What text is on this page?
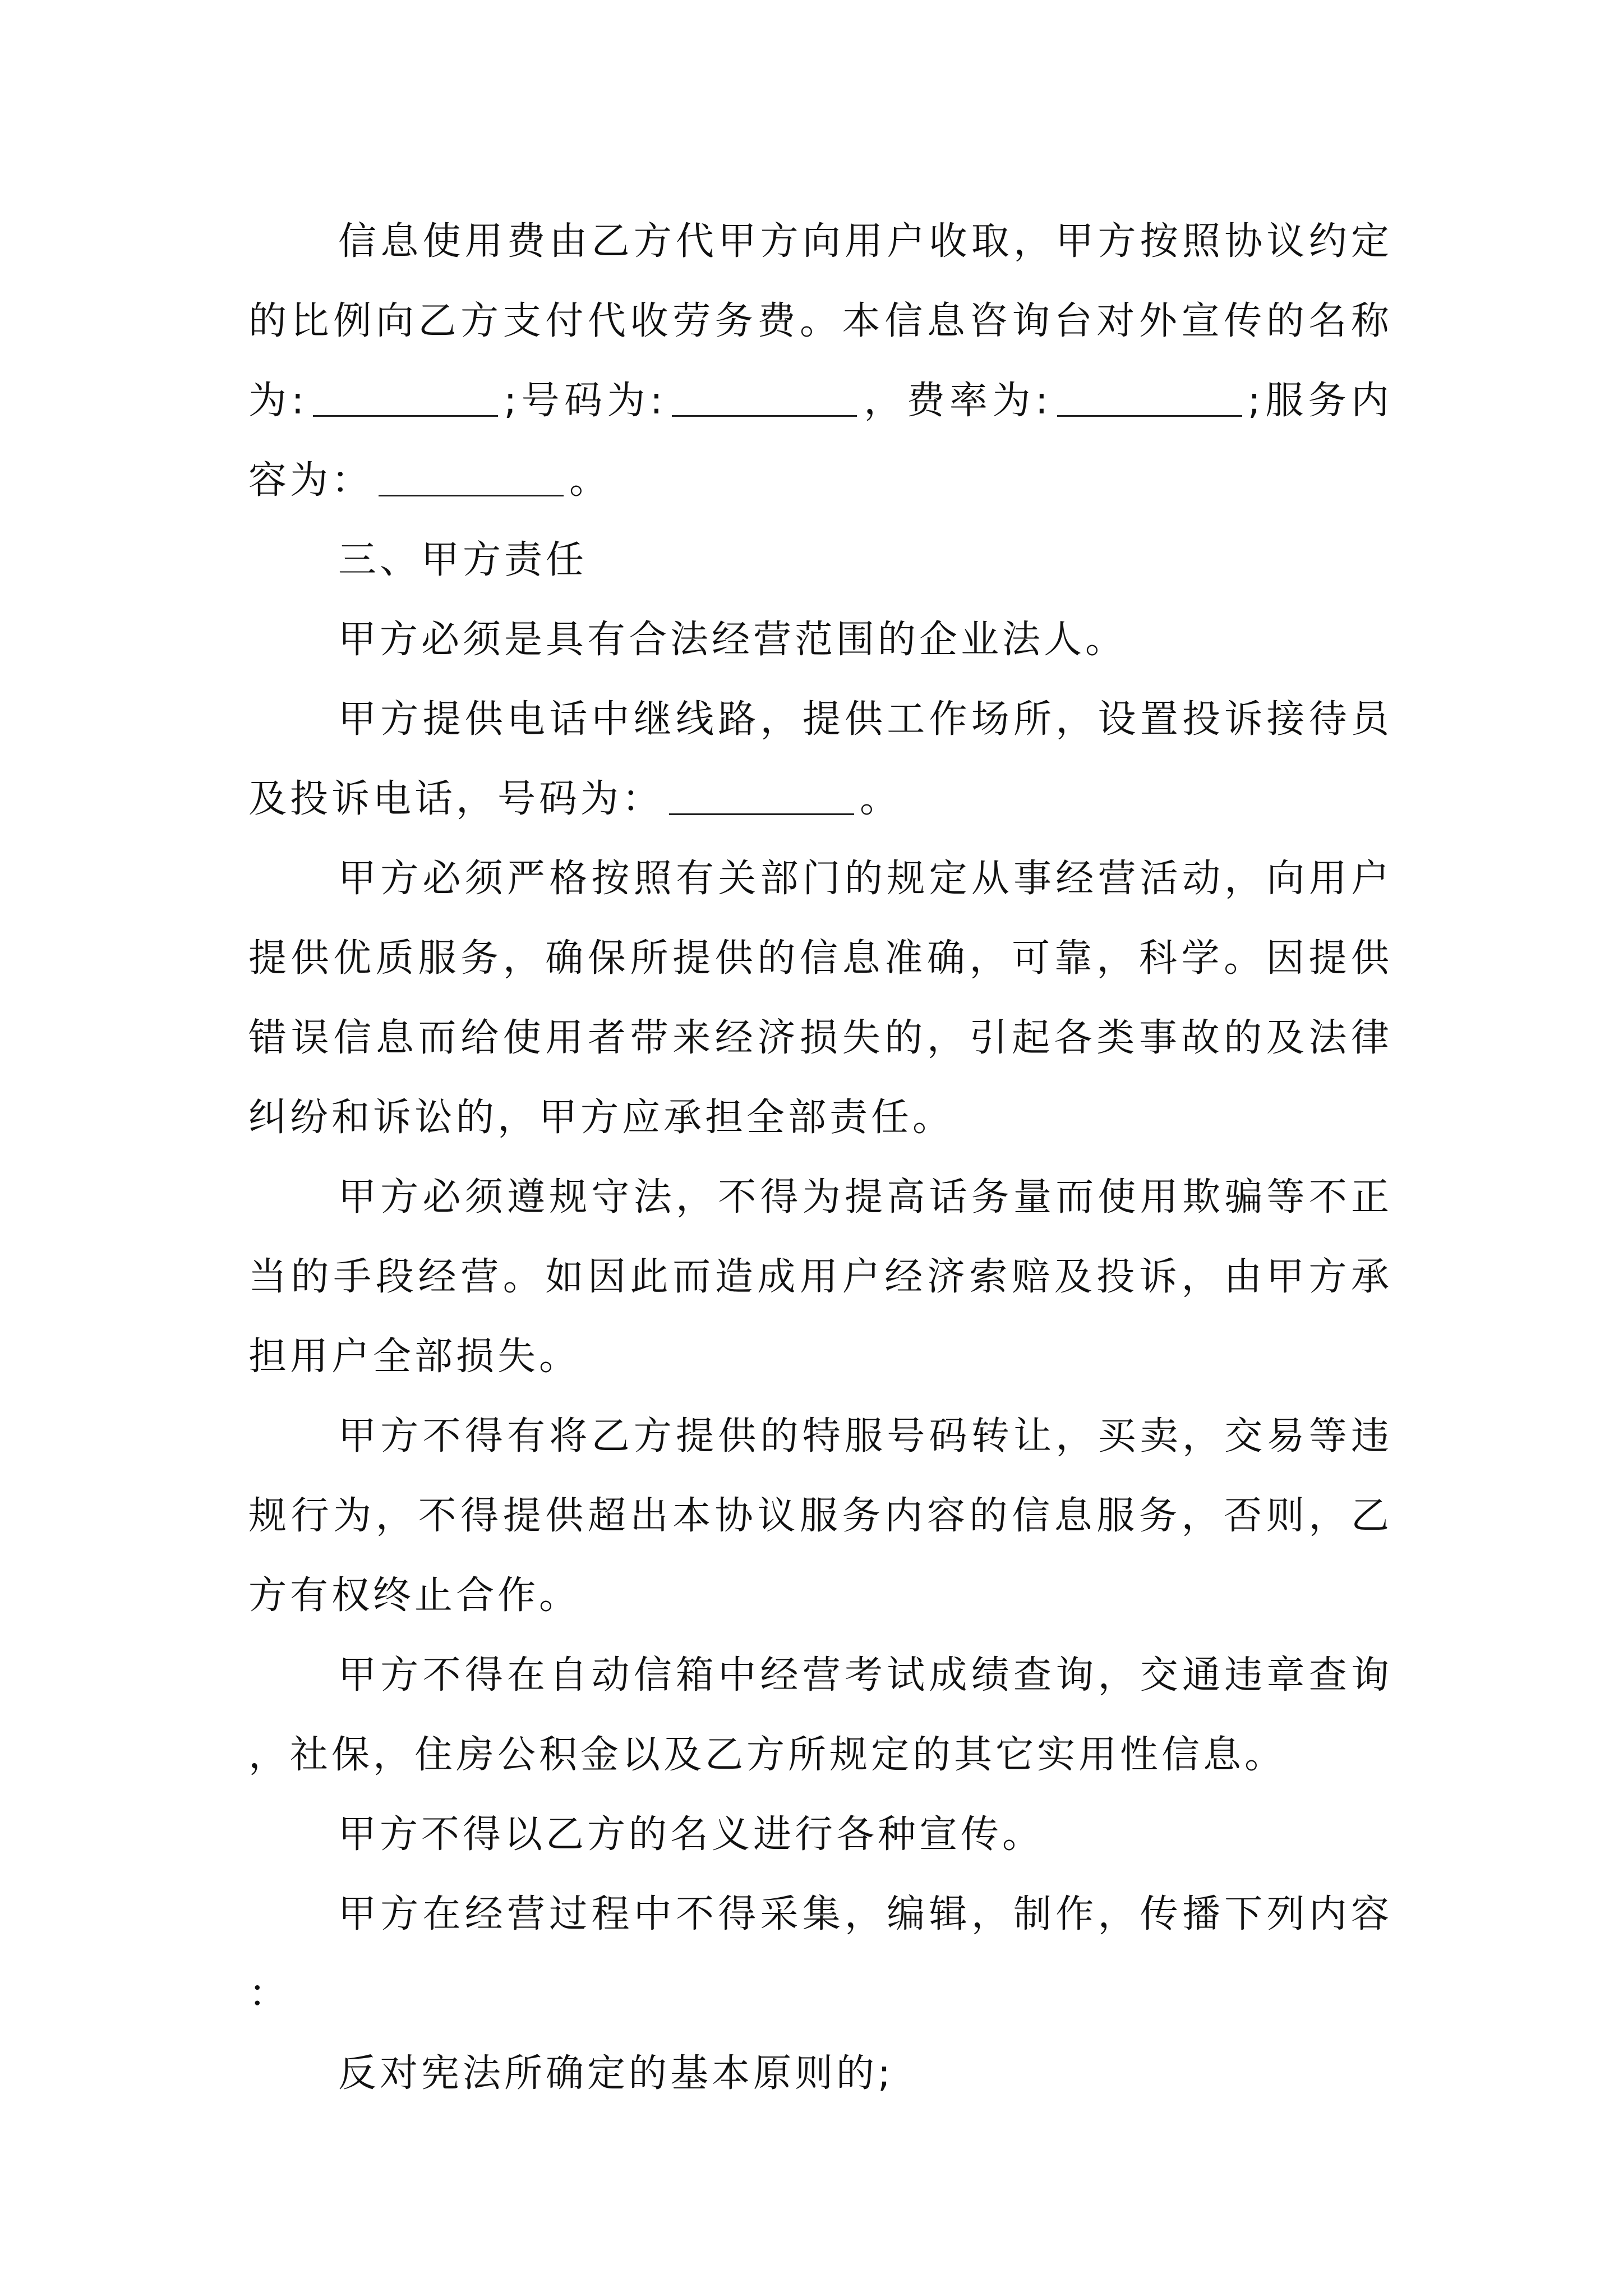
信息使用费由乙方代甲方向用户收取，甲方按照协议约定的比例向乙方支付代收劳务费。本信息咨询台对外宣传的名称为:	;号码为:	，费率为:	;服务内容为：	。

三、甲方责任

甲方必须是具有合法经营范围的企业法人。

甲方提供电话中继线路，提供工作场所，设置投诉接待员及投诉电话，号码为：	。

甲方必须严格按照有关部门的规定从事经营活动，向用户提供优质服务，确保所提供的信息准确，可靠，科学。因提供错误信息而给使用者带来经济损失的，引起各类事故的及法律纠纷和诉讼的，甲方应承担全部责任。

甲方必须遵规守法，不得为提高话务量而使用欺骗等不正当的手段经营。如因此而造成用户经济索赔及投诉，由甲方承担用户全部损失。

甲方不得有将乙方提供的特服号码转让，买卖，交易等违规行为，不得提供超出本协议服务内容的信息服务，否则，乙方有权终止合作。

甲方不得在自动信箱中经营考试成绩查询，交通违章查询，社保，住房公积金以及乙方所规定的其它实用性信息。

甲方不得以乙方的名义进行各种宣传。

甲方在经营过程中不得采集，编辑，制作，传播下列内容：

反对宪法所确定的基本原则的;
